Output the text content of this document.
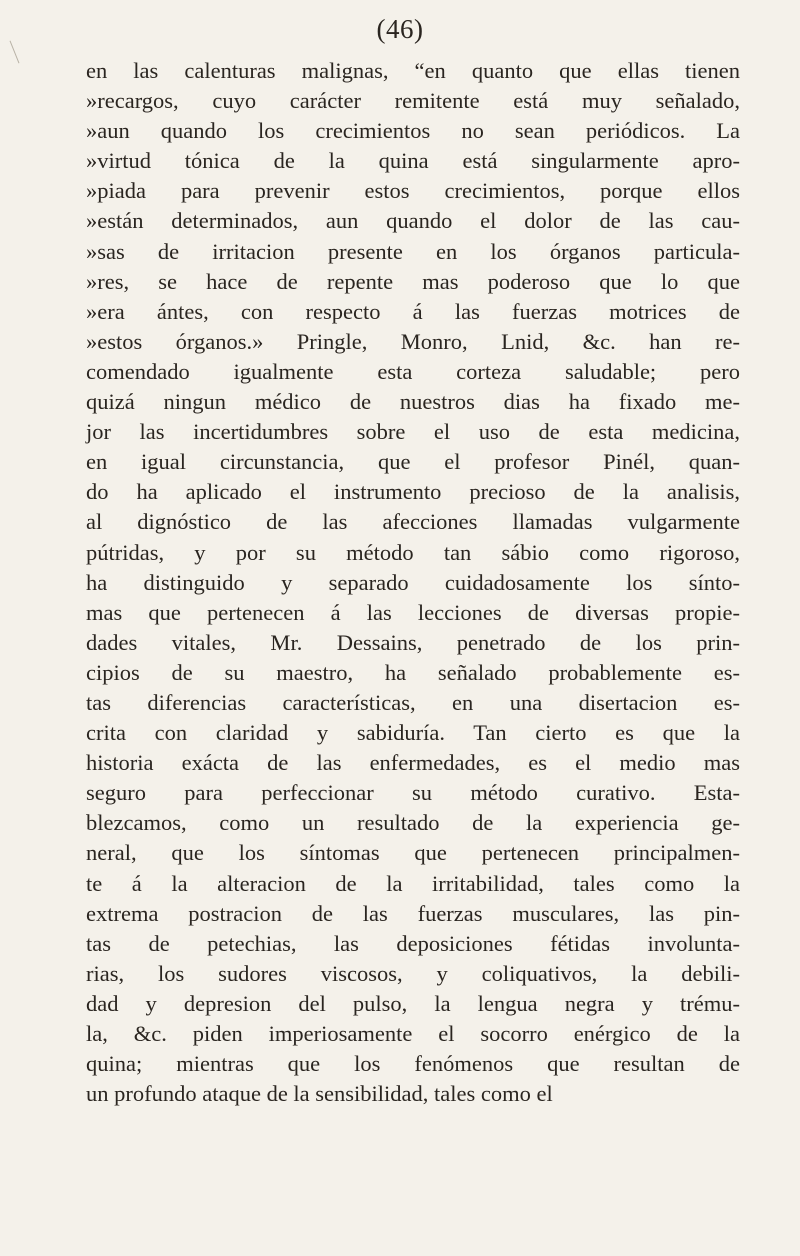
(46)
en las calenturas malignas, “en quanto que ellas tienen
»recargos, cuyo carácter remitente está muy señalado,
»aun quando los crecimientos no sean periódicos. La
»virtud tónica de la quina está singularmente apro-
»piada para prevenir estos crecimientos, porque ellos
»están determinados, aun quando el dolor de las cau-
»sas de irritacion presente en los órganos particula-
»res, se hace de repente mas poderoso que lo que
»era ántes, con respecto á las fuerzas motrices de
»estos órganos.» Pringle, Monro, Lnid, &c. han re-
comendado igualmente esta corteza saludable; pero
quizá ningun médico de nuestros dias ha fixado me-
jor las incertidumbres sobre el uso de esta medicina,
en igual circunstancia, que el profesor Pinél, quan-
do ha aplicado el instrumento precioso de la analisis,
al dignóstico de las afecciones llamadas vulgarmente
pútridas, y por su método tan sábio como rigoroso,
ha distinguido y separado cuidadosamente los sínto-
mas que pertenecen á las lecciones de diversas propie-
dades vitales, Mr. Dessains, penetrado de los prin-
cipios de su maestro, ha señalado probablemente es-
tas diferencias características, en una disertacion es-
crita con claridad y sabiduría. Tan cierto es que la
historia exácta de las enfermedades, es el medio mas
seguro para perfeccionar su método curativo. Esta-
blezcamos, como un resultado de la experiencia ge-
neral, que los síntomas que pertenecen principalmen-
te á la alteracion de la irritabilidad, tales como la
extrema postracion de las fuerzas musculares, las pin-
tas de petechias, las deposiciones fétidas involunta-
rias, los sudores viscosos, y coliquativos, la debili-
dad y depresion del pulso, la lengua negra y trému-
la, &c. piden imperiosamente el socorro enérgico de la
quina; mientras que los fenómenos que resultan de
un profundo ataque de la sensibilidad, tales como el
